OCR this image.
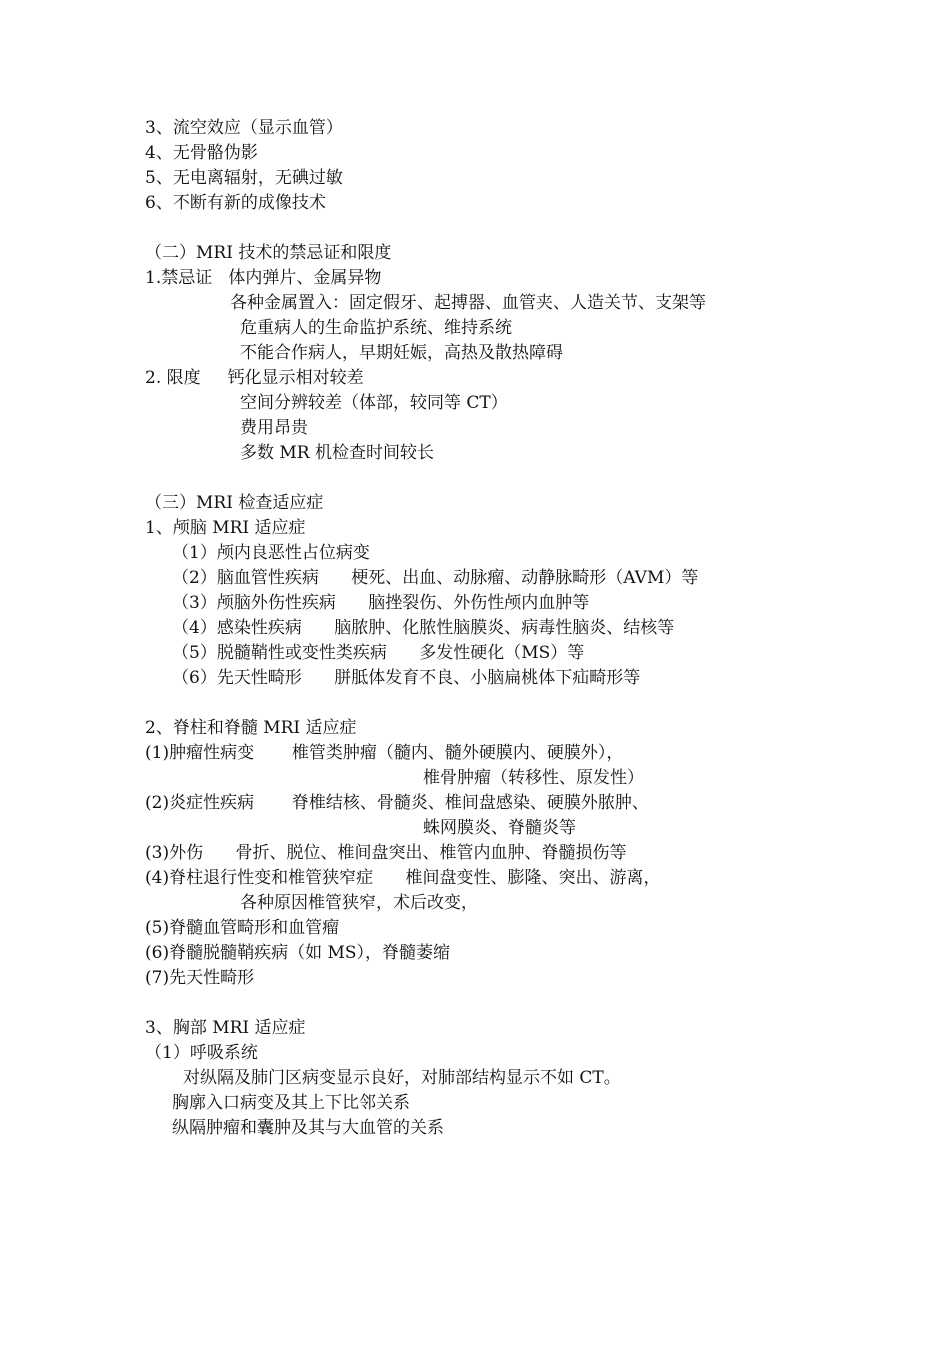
3、流空效应（显示血管）

4、无骨骼伪影

5、无电离辐射，无碘过敏

6、不断有新的成像技术

（二）MRI 技术的禁忌证和限度

1.禁忌证   体内弹片、金属异物

各种金属置入：固定假牙、起搏器、血管夹、人造关节、支架等

危重病人的生命监护系统、维持系统

不能合作病人，早期妊娠，高热及散热障碍

2. 限度     钙化显示相对较差

空间分辨较差（体部，较同等 CT）

费用昂贵

多数 MR 机检查时间较长

（三）MRI 检查适应症

1、颅脑 MRI 适应症

（1）颅内良恶性占位病变

（2）脑血管性疾病      梗死、出血、动脉瘤、动静脉畸形（AVM）等

（3）颅脑外伤性疾病      脑挫裂伤、外伤性颅内血肿等

（4）感染性疾病      脑脓肿、化脓性脑膜炎、病毒性脑炎、结核等

（5）脱髓鞘性或变性类疾病      多发性硬化（MS）等

（6）先天性畸形      胼胝体发育不良、小脑扁桃体下疝畸形等

2、脊柱和脊髓 MRI 适应症

(1)肿瘤性病变       椎管类肿瘤（髓内、髓外硬膜内、硬膜外），

椎骨肿瘤（转移性、原发性）

(2)炎症性疾病       脊椎结核、骨髓炎、椎间盘感染、硬膜外脓肿、

蛛网膜炎、脊髓炎等

(3)外伤      骨折、脱位、椎间盘突出、椎管内血肿、脊髓损伤等

(4)脊柱退行性变和椎管狭窄症      椎间盘变性、膨隆、突出、游离，

各种原因椎管狭窄，术后改变，

(5)脊髓血管畸形和血管瘤

(6)脊髓脱髓鞘疾病（如 MS），脊髓萎缩

(7)先天性畸形

3、胸部 MRI 适应症

（1）呼吸系统

对纵隔及肺门区病变显示良好，对肺部结构显示不如 CT。

胸廓入口病变及其上下比邻关系

纵隔肿瘤和囊肿及其与大血管的关系
